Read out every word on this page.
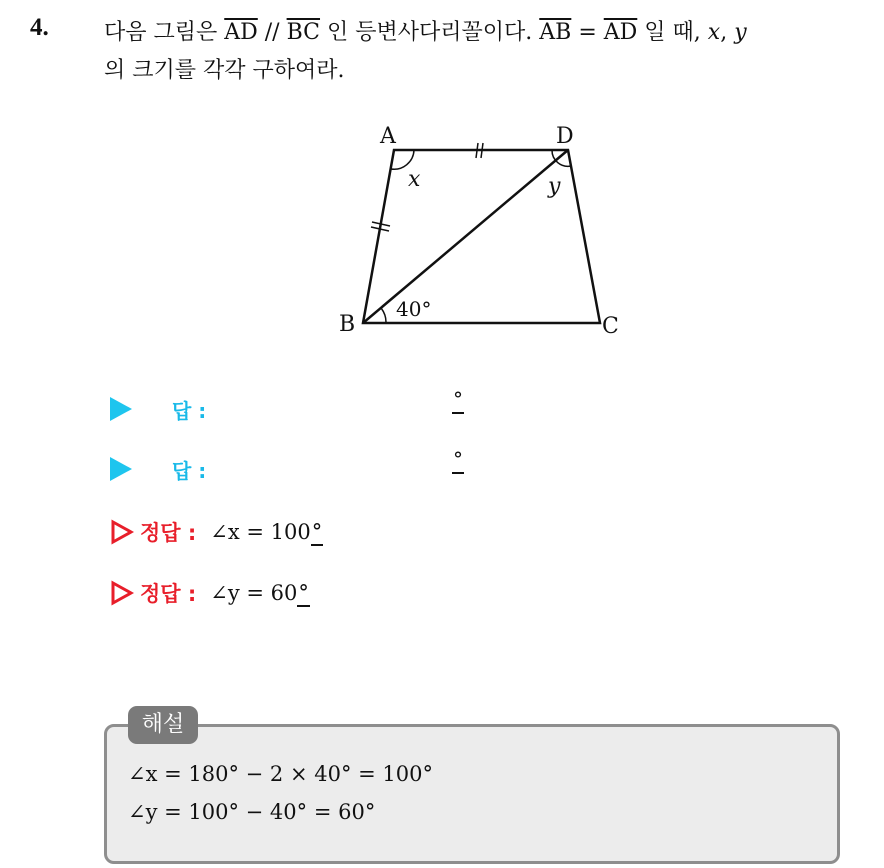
4.	다음 그림은 $\overline{AD} // \overline{BC}$ 인 등변사다리꼴이다. $\overline{AB} = \overline{AD}$ 일 때, x, y
의 크기를 각각 구하여라.
A	D
B	C
x	y
40°
답 :	°
답 :	°
정답 : ∠x = 100°
정답 : ∠y = 60°
해설
∠x = 180° − 2 × 40° = 100°
∠y = 100° − 40° = 60°
